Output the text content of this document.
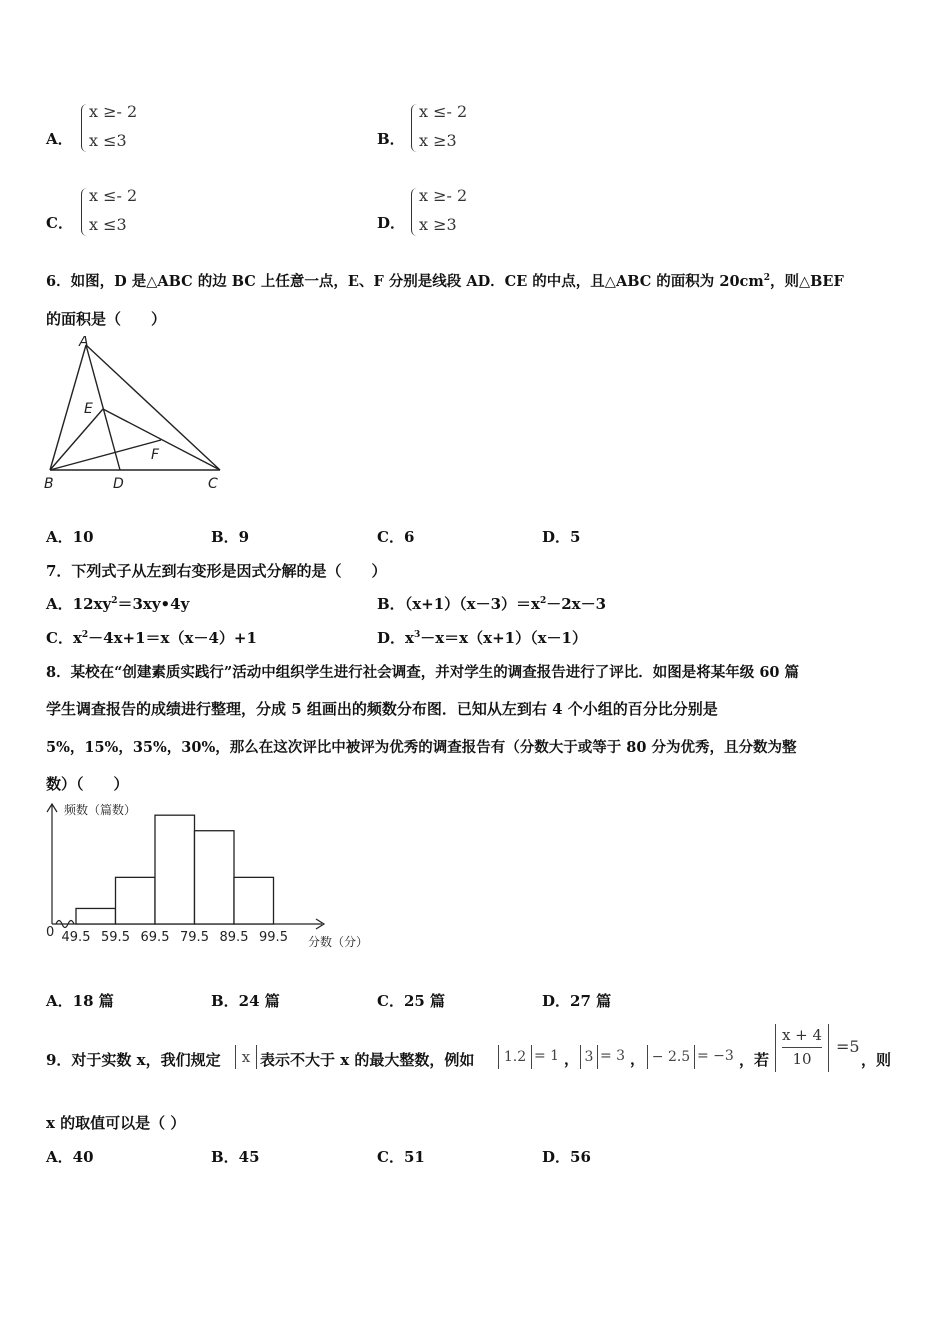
A．
x ≥- 2
x ≤3	B．
x ≤- 2
x ≥3
C．
x ≤- 2
x ≤3	D．
x ≥- 2
x ≥3
6．如图，D 是△ABC 的边 BC 上任意一点，E、F 分别是线段 AD．CE 的中点，且△ABC 的面积为 $20cm^2$，则△BEF
的面积是（　　）
A
E
F
B	D	C
A．10	B．9	C．6	D．5
7．下列式子从左到右变形是因式分解的是（　　）
A．$12xy^2=3xy•4y$	B．$(x+1)(x-3)=x^2-2x-3$
C．$x^2-4x+1=x(x-4)+1$	D．$x^3-x=x(x+1)(x-1)$
8．某校在“创建素质实践行”活动中组织学生进行社会调查，并对学生的调查报告进行了评比．如图是将某年级 60 篇
学生调查报告的成绩进行整理，分成 5 组画出的频数分布图．已知从左到右 4 个小组的百分比分别是
5%，15%，35%，30%，那么在这次评比中被评为优秀的调查报告有（分数大于或等于 80 分为优秀，且分数为整
数）（　　）
频数（篇数）
0 49.5 59.5 69.5 79.5 89.5 99.5 分数（分）
A．18 篇	B．24 篇	C．25 篇	D．27 篇
9．对于实数 x，我们规定	x 表示不大于 x 的最大整数，例如	1.2 = 1 ， 3 = 3 ， − 2.5 = −3 ，若
x + 4
10
=5
，则
x 的取值可以是（ ）
A．40	B．45	C．51	D．56
